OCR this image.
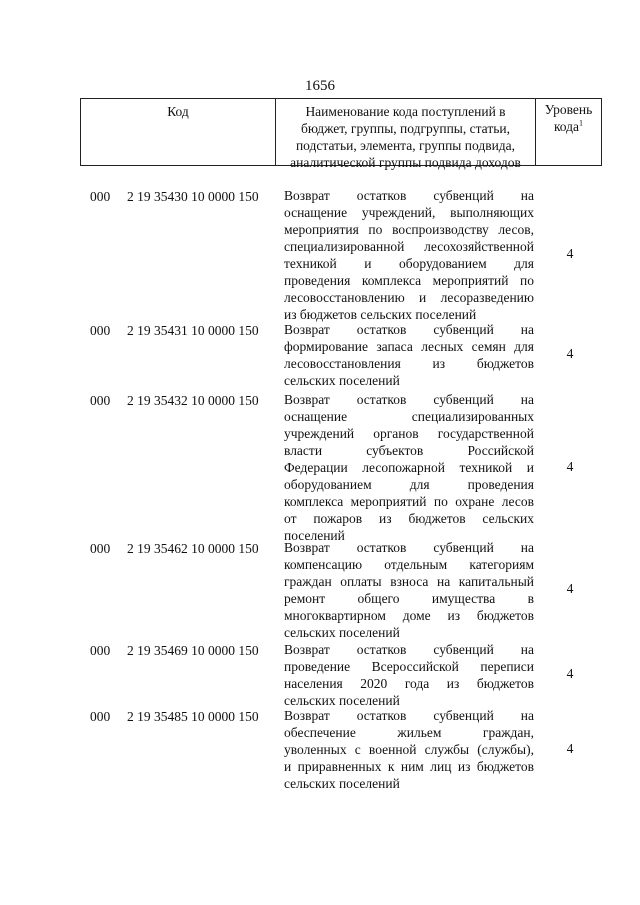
1656
Код	Наименование кода поступлений в
бюджет, группы, подгруппы, статьи,
подстатьи, элемента, группы подвида,
аналитической группы подвида доходов
Уровень
кода$^1$
000 2 19 35430 10 0000 150 Возврат остатков субвенций на
оснащение учреждений, выполняющих
мероприятия по воспроизводству лесов,
специализированной лесохозяйственной
техникой и оборудованием для
проведения комплекса мероприятий по
лесовосстановлению и лесоразведению
из бюджетов сельских поселений
4
000 2 19 35431 10 0000 150 Возврат остатков субвенций на
формирование запаса лесных семян для
лесовосстановления из бюджетов
сельских поселений
4
000 2 19 35432 10 0000 150 Возврат остатков субвенций на
оснащение специализированных
учреждений органов государственной
власти субъектов Российской
Федерации лесопожарной техникой и
оборудованием для проведения
комплекса мероприятий по охране лесов
от пожаров из бюджетов сельских
поселений
4
000 2 19 35462 10 0000 150 Возврат остатков субвенций на
компенсацию отдельным категориям
граждан оплаты взноса на капитальный
ремонт общего имущества в
многоквартирном доме из бюджетов
сельских поселений
4
000 2 19 35469 10 0000 150 Возврат остатков субвенций на
проведение Всероссийской переписи
населения 2020 года из бюджетов
сельских поселений
4
000 2 19 35485 10 0000 150 Возврат остатков субвенций на
обеспечение жильем граждан,
уволенных с военной службы (службы),
и приравненных к ним лиц из бюджетов
сельских поселений
4
